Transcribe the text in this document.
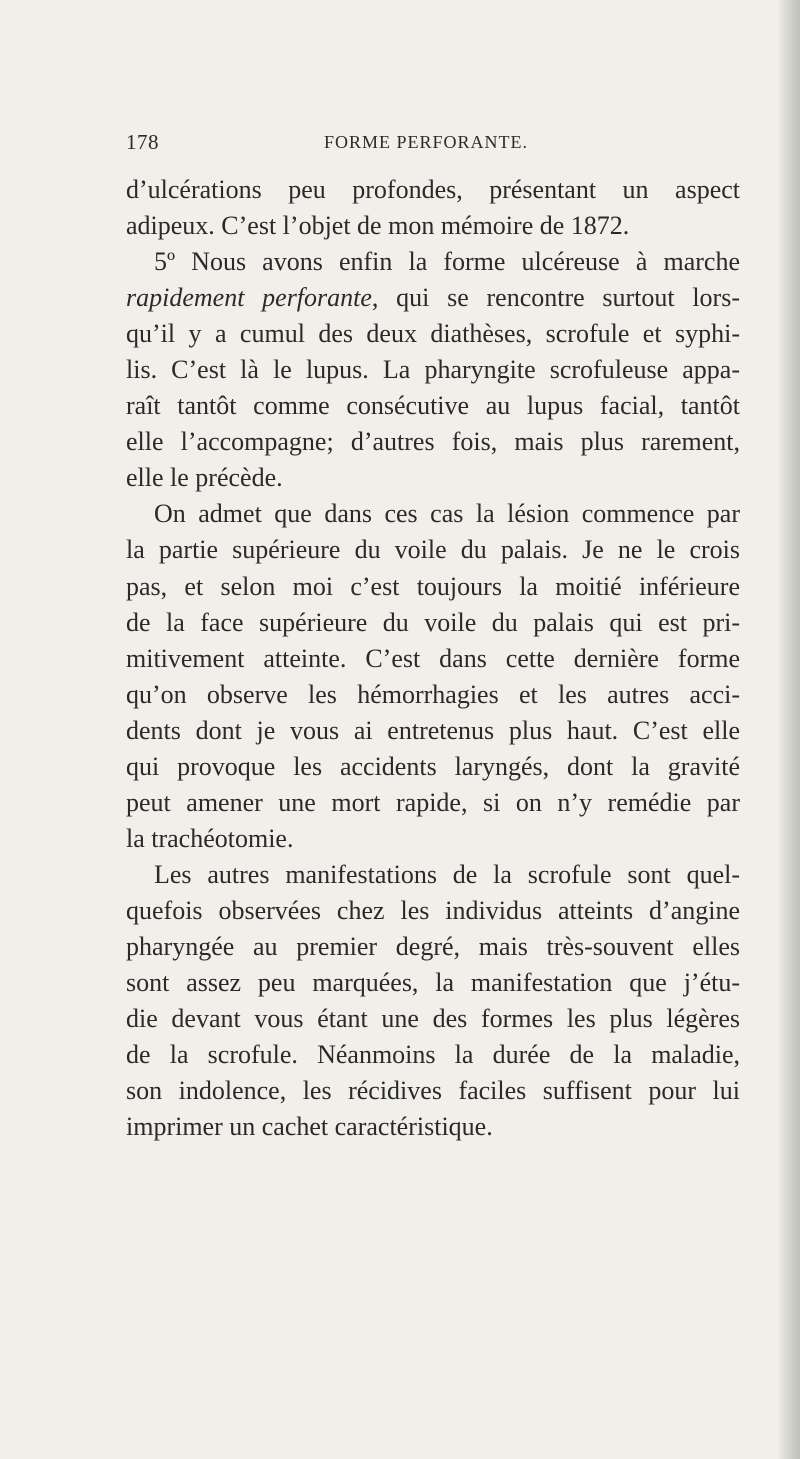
178	FORME PERFORANTE.
d’ulcérations peu profondes, présentant un aspect
adipeux. C’est l’objet de mon mémoire de 1872.
5º Nous avons enfin la forme ulcéreuse à marche
rapidement perforante, qui se rencontre surtout lors-
qu’il y a cumul des deux diathèses, scrofule et syphi-
lis. C’est là le lupus. La pharyngite scrofuleuse appa-
raît tantôt comme consécutive au lupus facial, tantôt
elle l’accompagne; d’autres fois, mais plus rarement,
elle le précède.
On admet que dans ces cas la lésion commence par
la partie supérieure du voile du palais. Je ne le crois
pas, et selon moi c’est toujours la moitié inférieure
de la face supérieure du voile du palais qui est pri-
mitivement atteinte. C’est dans cette dernière forme
qu’on observe les hémorrhagies et les autres acci-
dents dont je vous ai entretenus plus haut. C’est elle
qui provoque les accidents laryngés, dont la gravité
peut amener une mort rapide, si on n’y remédie par
la trachéotomie.
Les autres manifestations de la scrofule sont quel-
quefois observées chez les individus atteints d’angine
pharyngée au premier degré, mais très-souvent elles
sont assez peu marquées, la manifestation que j’étu-
die devant vous étant une des formes les plus légères
de la scrofule. Néanmoins la durée de la maladie,
son indolence, les récidives faciles suffisent pour lui
imprimer un cachet caractéristique.
